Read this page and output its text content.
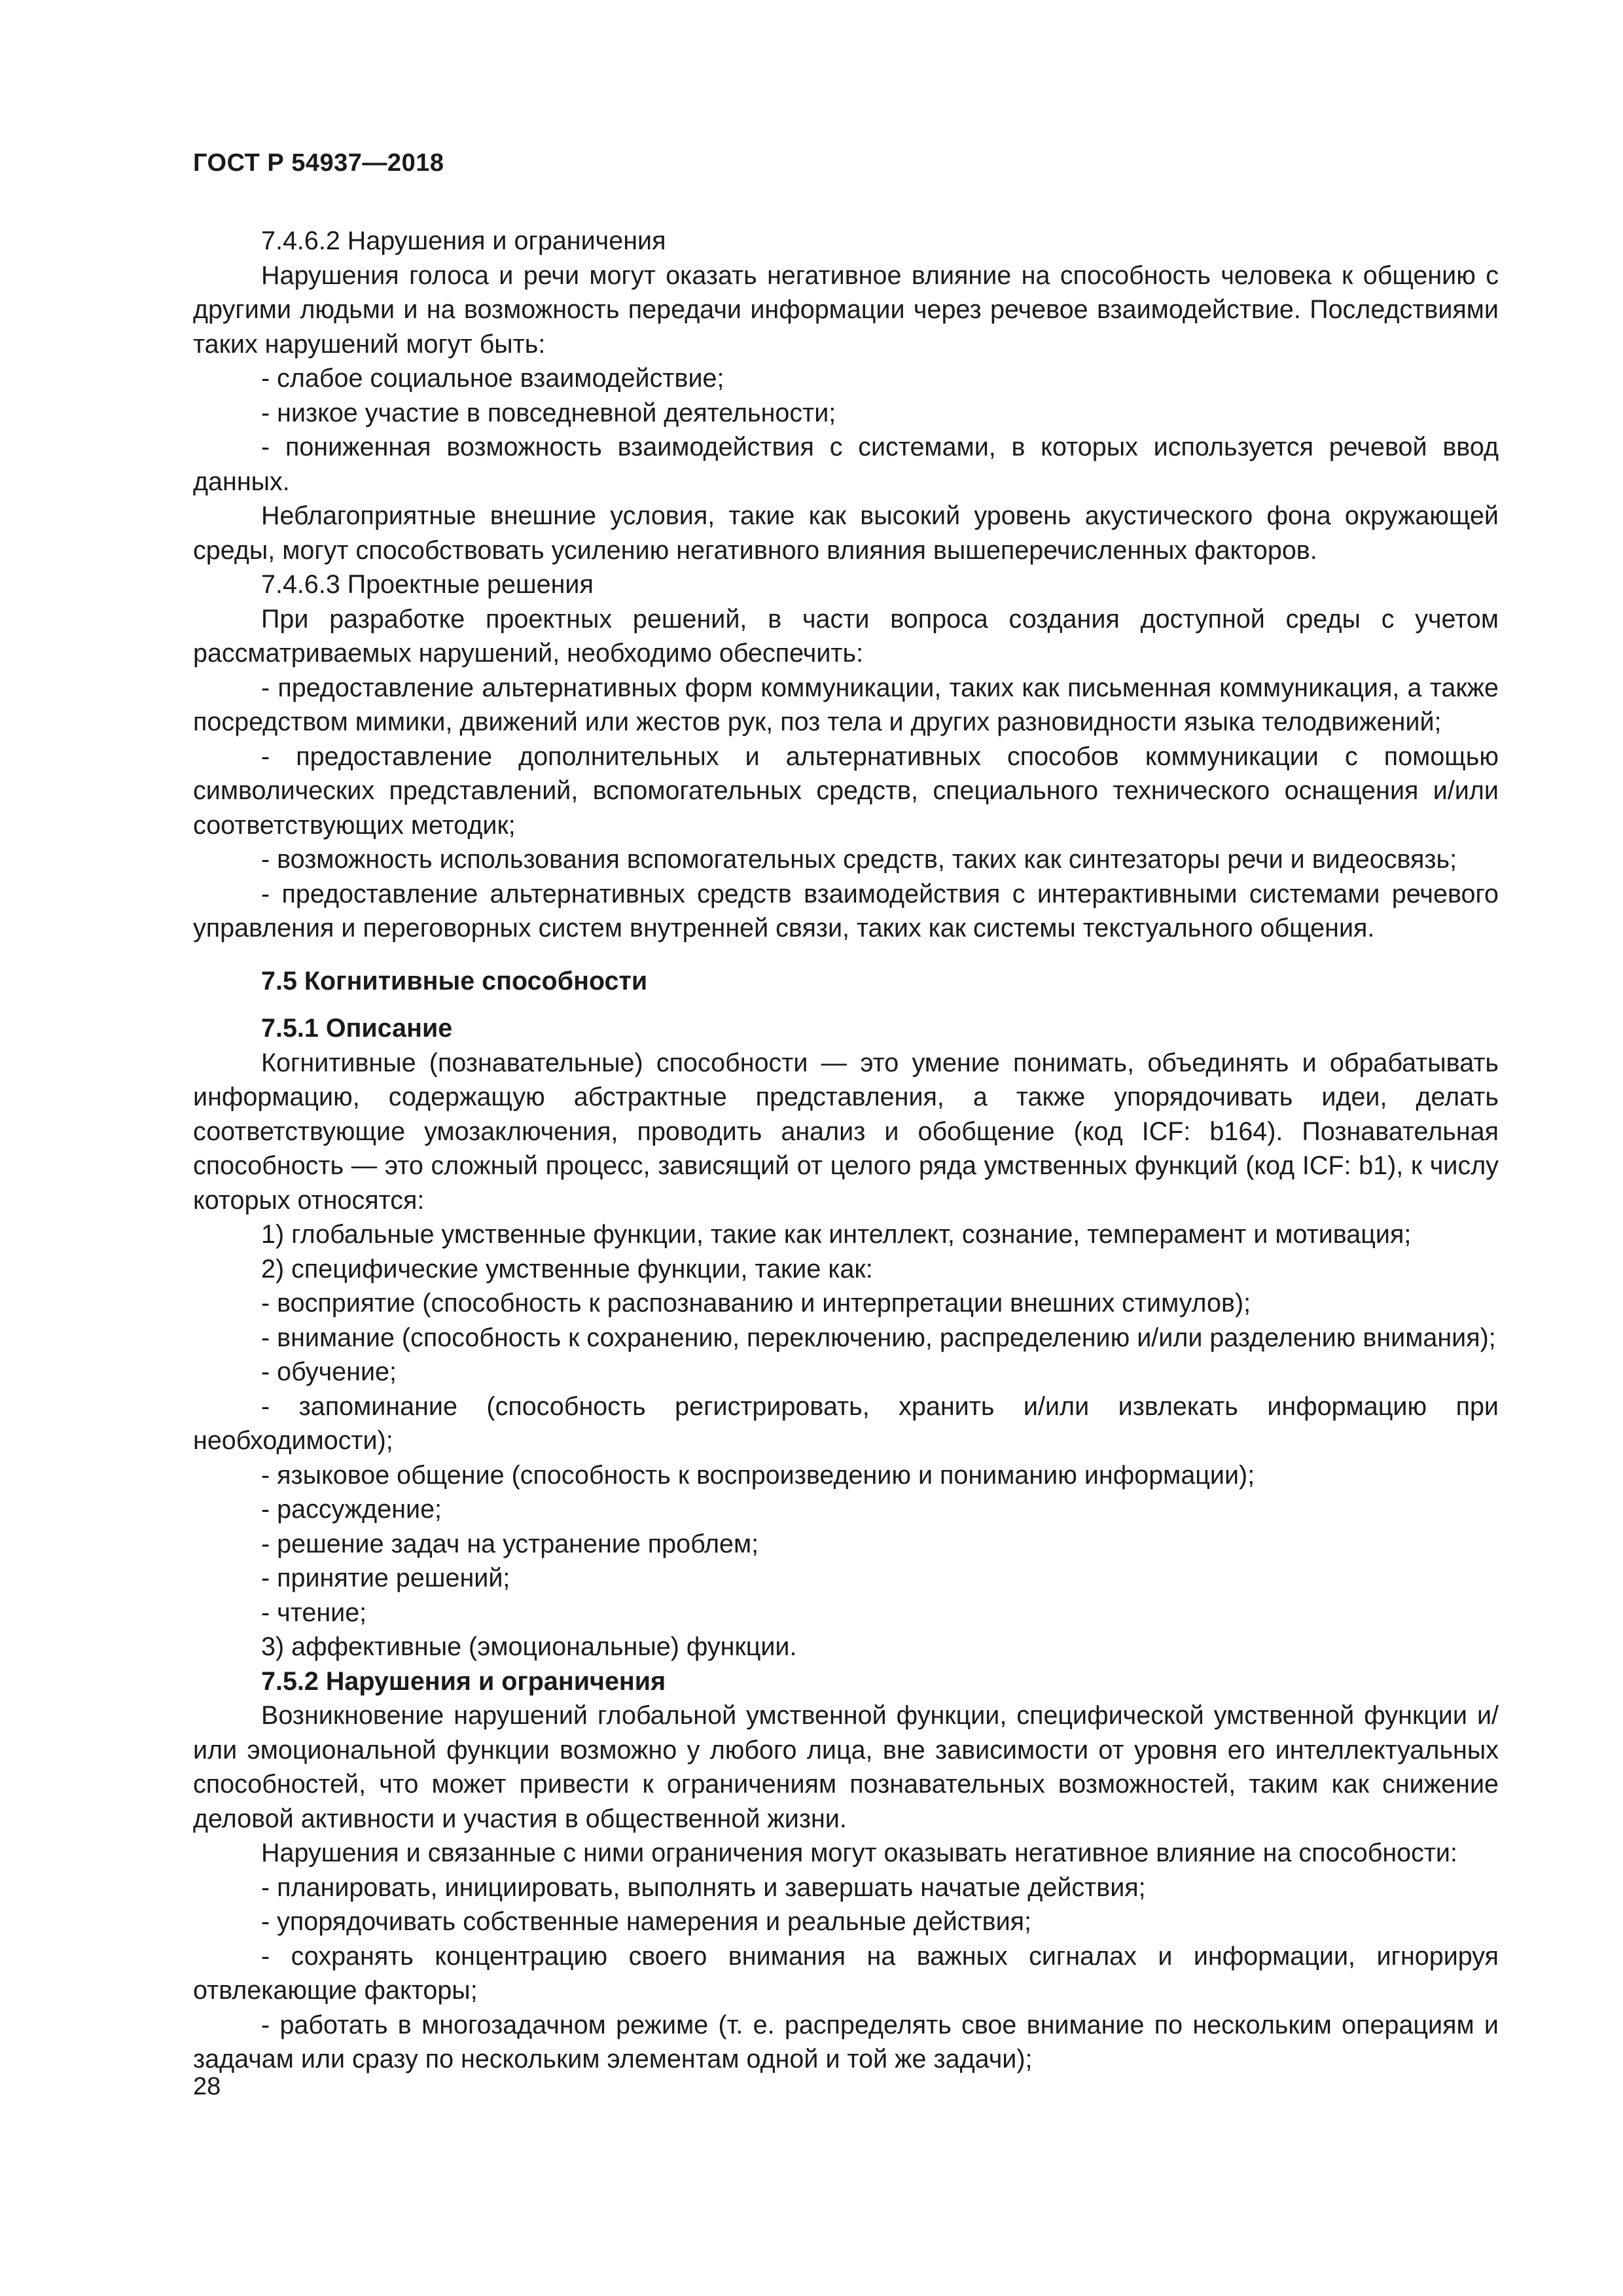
ГОСТ Р 54937—2018

7.4.6.2 Нарушения и ограничения

Нарушения голоса и речи могут оказать негативное влияние на способность человека к общению с другими людьми и на возможность передачи информации через речевое взаимодействие. Последствиями таких нарушений могут быть:

- слабое социальное взаимодействие;

- низкое участие в повседневной деятельности;

- пониженная возможность взаимодействия с системами, в которых используется речевой ввод данных.

Неблагоприятные внешние условия, такие как высокий уровень акустического фона окружающей среды, могут способствовать усилению негативного влияния вышеперечисленных факторов.

7.4.6.3 Проектные решения

При разработке проектных решений, в части вопроса создания доступной среды с учетом рассматриваемых нарушений, необходимо обеспечить:

- предоставление альтернативных форм коммуникации, таких как письменная коммуникация, а также посредством мимики, движений или жестов рук, поз тела и других разновидности языка телодвижений;

- предоставление дополнительных и альтернативных способов коммуникации с помощью символических представлений, вспомогательных средств, специального технического оснащения и/или соответствующих методик;

- возможность использования вспомогательных средств, таких как синтезаторы речи и видеосвязь;

- предоставление альтернативных средств взаимодействия с интерактивными системами речевого управления и переговорных систем внутренней связи, таких как системы текстуального общения.

7.5 Когнитивные способности

7.5.1 Описание

Когнитивные (познавательные) способности — это умение понимать, объединять и обрабатывать информацию, содержащую абстрактные представления, а также упорядочивать идеи, делать соответствующие умозаключения, проводить анализ и обобщение (код ICF: b164). Познавательная способность — это сложный процесс, зависящий от целого ряда умственных функций (код ICF: b1), к числу которых относятся:

1) глобальные умственные функции, такие как интеллект, сознание, темперамент и мотивация;

2) специфические умственные функции, такие как:

- восприятие (способность к распознаванию и интерпретации внешних стимулов);

- внимание (способность к сохранению, переключению, распределению и/или разделению внимания);

- обучение;

- запоминание (способность регистрировать, хранить и/или извлекать информацию при необходимости);

- языковое общение (способность к воспроизведению и пониманию информации);

- рассуждение;

- решение задач на устранение проблем;

- принятие решений;

- чтение;

3) аффективные (эмоциональные) функции.

7.5.2 Нарушения и ограничения

Возникновение нарушений глобальной умственной функции, специфической умственной функции и/или эмоциональной функции возможно у любого лица, вне зависимости от уровня его интеллектуальных способностей, что может привести к ограничениям познавательных возможностей, таким как снижение деловой активности и участия в общественной жизни.

Нарушения и связанные с ними ограничения могут оказывать негативное влияние на способности:

- планировать, инициировать, выполнять и завершать начатые действия;

- упорядочивать собственные намерения и реальные действия;

- сохранять концентрацию своего внимания на важных сигналах и информации, игнорируя отвлекающие факторы;

- работать в многозадачном режиме (т. е. распределять свое внимание по нескольким операциям и задачам или сразу по нескольким элементам одной и той же задачи);

28
